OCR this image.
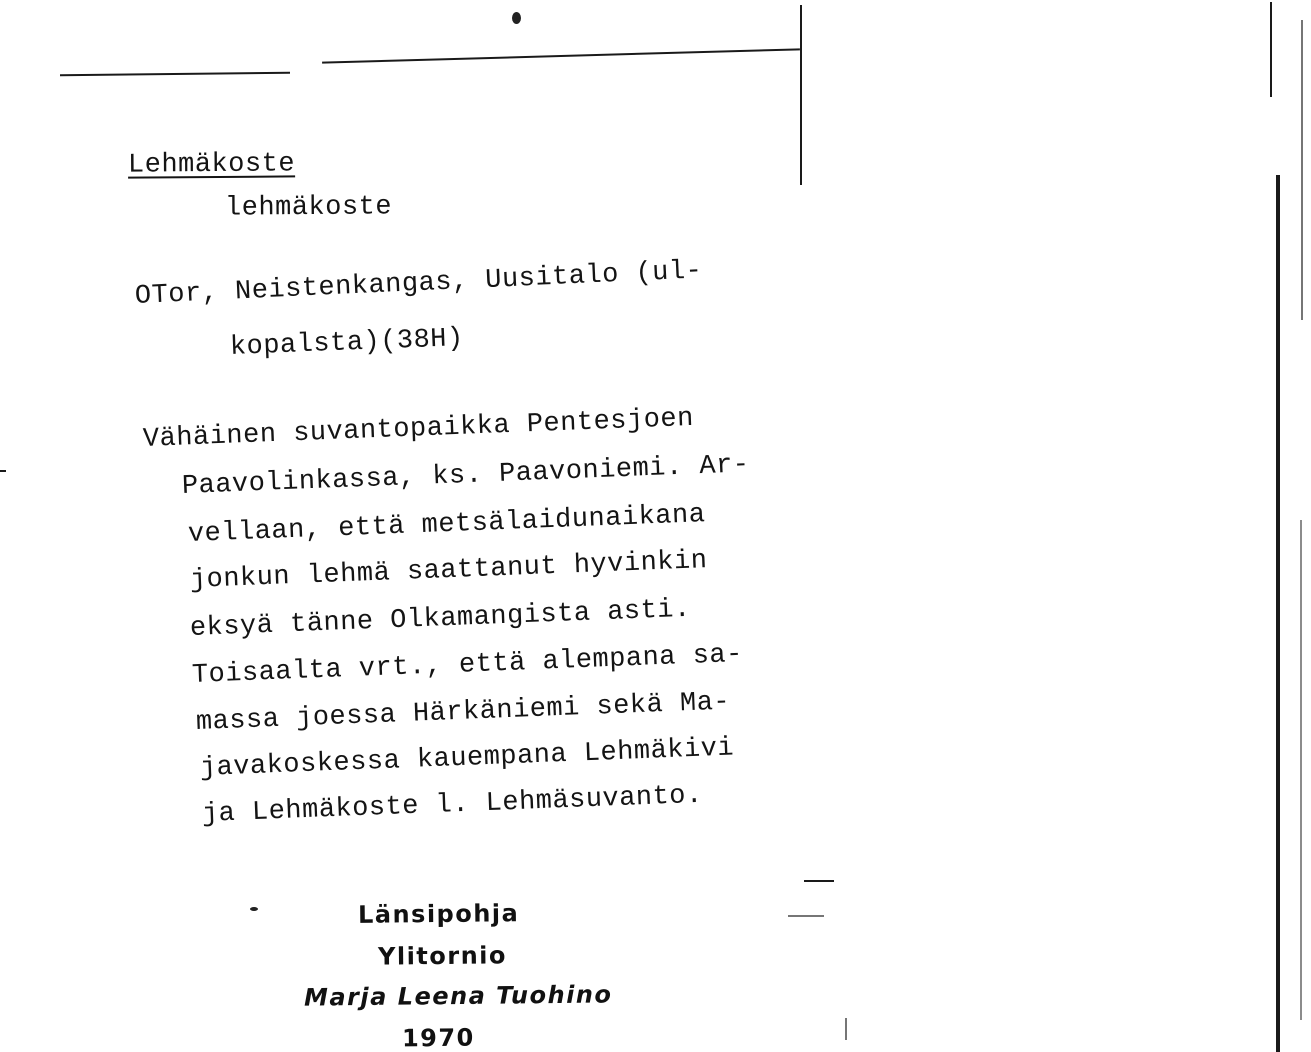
Lehmäkoste
lehmäkoste
OTor, Neistenkangas, Uusitalo (ul-
kopalsta)(38H)
Vähäinen suvantopaikka Pentesjoen
Paavolinkassa, ks. Paavoniemi. Ar-
vellaan, että metsälaidunaikana
jonkun lehmä saattanut hyvinkin
eksyä tänne Olkamangista asti.
Toisaalta vrt., että alempana sa-
massa joessa Härkäniemi sekä Ma-
javakoskessa kauempana Lehmäkivi
ja Lehmäkoste l. Lehmäsuvanto.
Länsipohja
Ylitornio
Marja Leena Tuohino
1970
